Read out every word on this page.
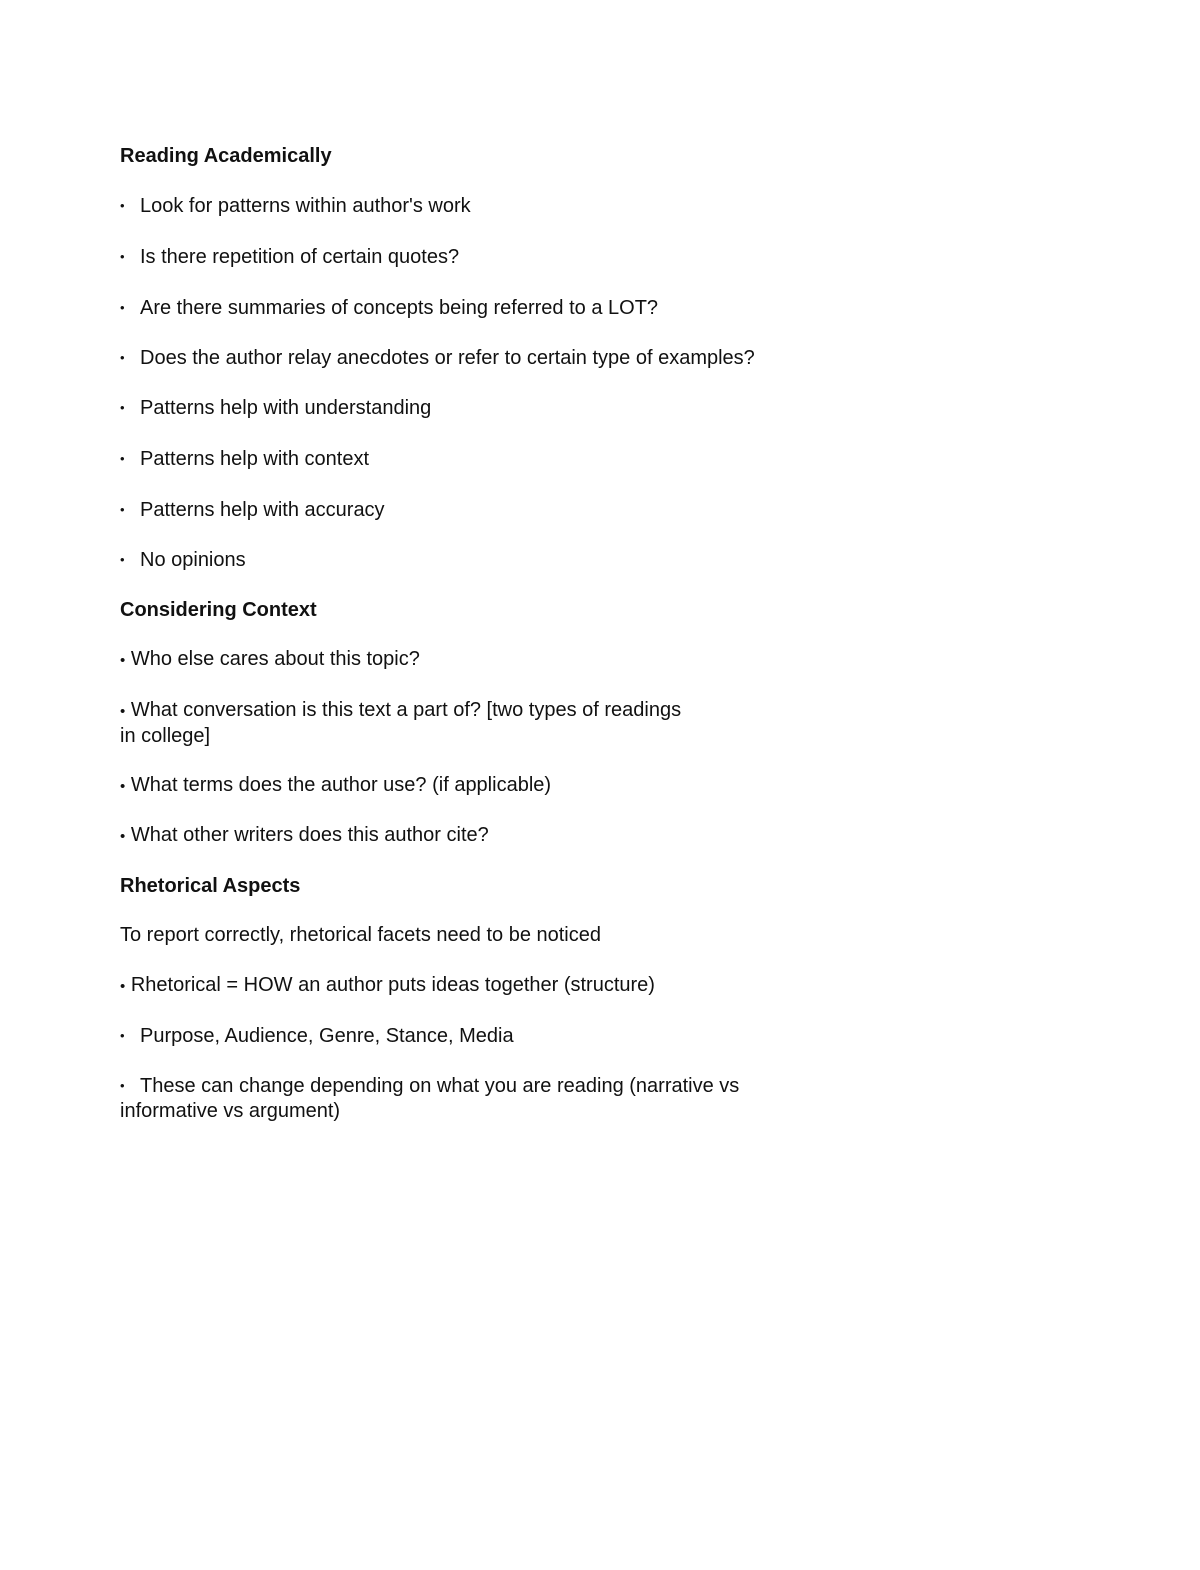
Reading Academically

• Look for patterns within author's work

• Is there repetition of certain quotes?

• Are there summaries of concepts being referred to a LOT?

• Does the author relay anecdotes or refer to certain type of examples?

• Patterns help with understanding

• Patterns help with context

• Patterns help with accuracy

• No opinions

Considering Context

• Who else cares about this topic?

• What conversation is this text a part of? [two types of readings

in college]

• What terms does the author use? (if applicable)

• What other writers does this author cite?

Rhetorical Aspects

To report correctly, rhetorical facets need to be noticed

• Rhetorical = HOW an author puts ideas together (structure)

• Purpose, Audience, Genre, Stance, Media

• These can change depending on what you are reading (narrative vs

informative vs argument)
